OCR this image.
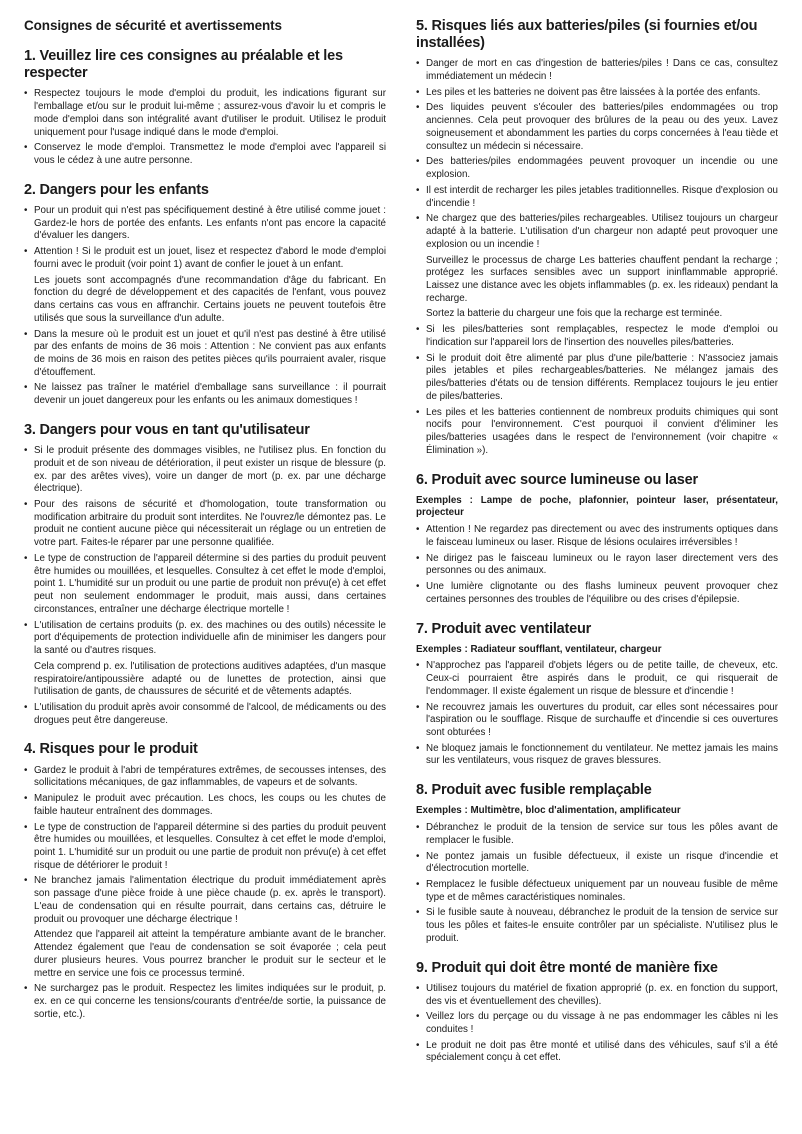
Consignes de sécurité et avertissements
1. Veuillez lire ces consignes au préalable et les respecter
• Respectez toujours le mode d'emploi du produit, les indications figurant sur l'emballage et/ou sur le produit lui-même ; assurez-vous d'avoir lu et compris le mode d'emploi dans son intégralité avant d'utiliser le produit. Utilisez le produit uniquement pour l'usage indiqué dans le mode d'emploi.
• Conservez le mode d'emploi. Transmettez le mode d'emploi avec l'appareil si vous le cédez à une autre personne.
2. Dangers pour les enfants
• Pour un produit qui n'est pas spécifiquement destiné à être utilisé comme jouet : Gardez-le hors de portée des enfants. Les enfants n'ont pas encore la capacité d'évaluer les dangers.
• Attention ! Si le produit est un jouet, lisez et respectez d'abord le mode d'emploi fourni avec le produit (voir point 1) avant de confier le jouet à un enfant.
Les jouets sont accompagnés d'une recommandation d'âge du fabricant. En fonction du degré de développement et des capacités de l'enfant, vous pouvez dans certains cas vous en affranchir. Certains jouets ne peuvent toutefois être utilisés que sous la surveillance d'un adulte.
• Dans la mesure où le produit est un jouet et qu'il n'est pas destiné à être utilisé par des enfants de moins de 36 mois : Attention : Ne convient pas aux enfants de moins de 36 mois en raison des petites pièces qu'ils pourraient avaler, risque d'étouffement.
• Ne laissez pas traîner le matériel d'emballage sans surveillance : il pourrait devenir un jouet dangereux pour les enfants ou les animaux domestiques !
3. Dangers pour vous en tant qu'utilisateur
• Si le produit présente des dommages visibles, ne l'utilisez plus. En fonction du produit et de son niveau de détérioration, il peut exister un risque de blessure (p. ex. par des arêtes vives), voire un danger de mort (p. ex. par une décharge électrique).
• Pour des raisons de sécurité et d'homologation, toute transformation ou modification arbitraire du produit sont interdites. Ne l'ouvrez/le démontez pas. Le produit ne contient aucune pièce qui nécessiterait un réglage ou un entretien de votre part. Faites-le réparer par une personne qualifiée.
• Le type de construction de l'appareil détermine si des parties du produit peuvent être humides ou mouillées, et lesquelles. Consultez à cet effet le mode d'emploi, point 1. L'humidité sur un produit ou une partie de produit non prévu(e) à cet effet peut non seulement endommager le produit, mais aussi, dans certaines circonstances, entraîner une décharge électrique mortelle !
• L'utilisation de certains produits (p. ex. des machines ou des outils) nécessite le port d'équipements de protection individuelle afin de minimiser les dangers pour la santé ou d'autres risques.
Cela comprend p. ex. l'utilisation de protections auditives adaptées, d'un masque respiratoire/antipoussière adapté ou de lunettes de protection, ainsi que l'utilisation de gants, de chaussures de sécurité et de vêtements adaptés.
• L'utilisation du produit après avoir consommé de l'alcool, de médicaments ou des drogues peut être dangereuse.
4. Risques pour le produit
• Gardez le produit à l'abri de températures extrêmes, de secousses intenses, des sollicitations mécaniques, de gaz inflammables, de vapeurs et de solvants.
• Manipulez le produit avec précaution. Les chocs, les coups ou les chutes de faible hauteur entraînent des dommages.
• Le type de construction de l'appareil détermine si des parties du produit peuvent être humides ou mouillées, et lesquelles. Consultez à cet effet le mode d'emploi, point 1. L'humidité sur un produit ou une partie de produit non prévu(e) à cet effet risque de détériorer le produit !
• Ne branchez jamais l'alimentation électrique du produit immédiatement après son passage d'une pièce froide à une pièce chaude (p. ex. après le transport). L'eau de condensation qui en résulte pourrait, dans certains cas, détruire le produit ou provoquer une décharge électrique !
Attendez que l'appareil ait atteint la température ambiante avant de le brancher. Attendez également que l'eau de condensation se soit évaporée ; cela peut durer plusieurs heures. Vous pourrez brancher le produit sur le secteur et le mettre en service une fois ce processus terminé.
• Ne surchargez pas le produit. Respectez les limites indiquées sur le produit, p. ex. en ce qui concerne les tensions/courants d'entrée/de sortie, la puissance de sortie, etc.).
5. Risques liés aux batteries/piles (si fournies et/ou installées)
• Danger de mort en cas d'ingestion de batteries/piles ! Dans ce cas, consultez immédiatement un médecin !
• Les piles et les batteries ne doivent pas être laissées à la portée des enfants.
• Des liquides peuvent s'écouler des batteries/piles endommagées ou trop anciennes. Cela peut provoquer des brûlures de la peau ou des yeux. Lavez soigneusement et abondamment les parties du corps concernées à l'eau tiède et consultez un médecin si nécessaire.
• Des batteries/piles endommagées peuvent provoquer un incendie ou une explosion.
• Il est interdit de recharger les piles jetables traditionnelles. Risque d'explosion ou d'incendie !
• Ne chargez que des batteries/piles rechargeables. Utilisez toujours un chargeur adapté à la batterie. L'utilisation d'un chargeur non adapté peut provoquer une explosion ou un incendie !
Surveillez le processus de charge Les batteries chauffent pendant la recharge ; protégez les surfaces sensibles avec un support ininflammable approprié. Laissez une distance avec les objets inflammables (p. ex. les rideaux) pendant la recharge.
Sortez la batterie du chargeur une fois que la recharge est terminée.
• Si les piles/batteries sont remplaçables, respectez le mode d'emploi ou l'indication sur l'appareil lors de l'insertion des nouvelles piles/batteries.
• Si le produit doit être alimenté par plus d'une pile/batterie : N'associez jamais piles jetables et piles rechargeables/batteries. Ne mélangez jamais des piles/batteries d'états ou de tension différents. Remplacez toujours le jeu entier de piles/batteries.
• Les piles et les batteries contiennent de nombreux produits chimiques qui sont nocifs pour l'environnement. C'est pourquoi il convient d'éliminer les piles/batteries usagées dans le respect de l'environnement (voir chapitre « Élimination »).
6. Produit avec source lumineuse ou laser
Exemples : Lampe de poche, plafonnier, pointeur laser, présentateur, projecteur
• Attention ! Ne regardez pas directement ou avec des instruments optiques dans le faisceau lumineux ou laser. Risque de lésions oculaires irréversibles !
• Ne dirigez pas le faisceau lumineux ou le rayon laser directement vers des personnes ou des animaux.
• Une lumière clignotante ou des flashs lumineux peuvent provoquer chez certaines personnes des troubles de l'équilibre ou des crises d'épilepsie.
7. Produit avec ventilateur
Exemples : Radiateur soufflant, ventilateur, chargeur
• N'approchez pas l'appareil d'objets légers ou de petite taille, de cheveux, etc. Ceux-ci pourraient être aspirés dans le produit, ce qui risquerait de l'endommager. Il existe également un risque de blessure et d'incendie !
• Ne recouvrez jamais les ouvertures du produit, car elles sont nécessaires pour l'aspiration ou le soufflage. Risque de surchauffe et d'incendie si ces ouvertures sont obturées !
• Ne bloquez jamais le fonctionnement du ventilateur. Ne mettez jamais les mains sur les ventilateurs, vous risquez de graves blessures.
8. Produit avec fusible remplaçable
Exemples : Multimètre, bloc d'alimentation, amplificateur
• Débranchez le produit de la tension de service sur tous les pôles avant de remplacer le fusible.
• Ne pontez jamais un fusible défectueux, il existe un risque d'incendie et d'électrocution mortelle.
• Remplacez le fusible défectueux uniquement par un nouveau fusible de même type et de mêmes caractéristiques nominales.
• Si le fusible saute à nouveau, débranchez le produit de la tension de service sur tous les pôles et faites-le ensuite contrôler par un spécialiste. N'utilisez plus le produit.
9. Produit qui doit être monté de manière fixe
• Utilisez toujours du matériel de fixation approprié (p. ex. en fonction du support, des vis et éventuellement des chevilles).
• Veillez lors du perçage ou du vissage à ne pas endommager les câbles ni les conduites !
• Le produit ne doit pas être monté et utilisé dans des véhicules, sauf s'il a été spécialement conçu à cet effet.
